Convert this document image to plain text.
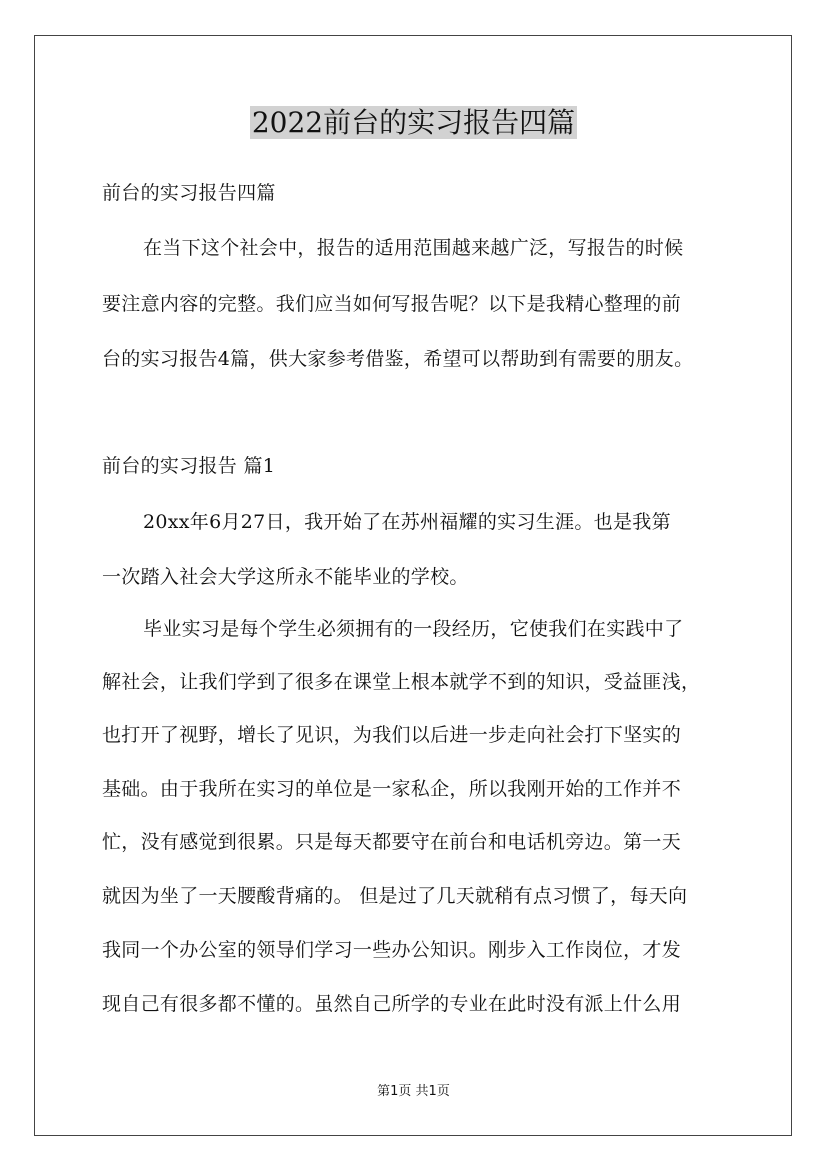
2022前台的实习报告四篇
前台的实习报告四篇
在当下这个社会中，报告的适用范围越来越广泛，写报告的时候
要注意内容的完整。我们应当如何写报告呢？以下是我精心整理的前
台的实习报告4篇，供大家参考借鉴，希望可以帮助到有需要的朋友。
前台的实习报告 篇1
20xx年6月27日，我开始了在苏州福耀的实习生涯。也是我第
一次踏入社会大学这所永不能毕业的学校。
毕业实习是每个学生必须拥有的一段经历，它使我们在实践中了
解社会，让我们学到了很多在课堂上根本就学不到的知识，受益匪浅，
也打开了视野，增长了见识，为我们以后进一步走向社会打下坚实的
基础。由于我所在实习的单位是一家私企，所以我刚开始的工作并不
忙，没有感觉到很累。只是每天都要守在前台和电话机旁边。第一天
就因为坐了一天腰酸背痛的。 但是过了几天就稍有点习惯了，每天向
我同一个办公室的领导们学习一些办公知识。刚步入工作岗位，才发
现自己有很多都不懂的。虽然自己所学的专业在此时没有派上什么用
第1页 共1页
